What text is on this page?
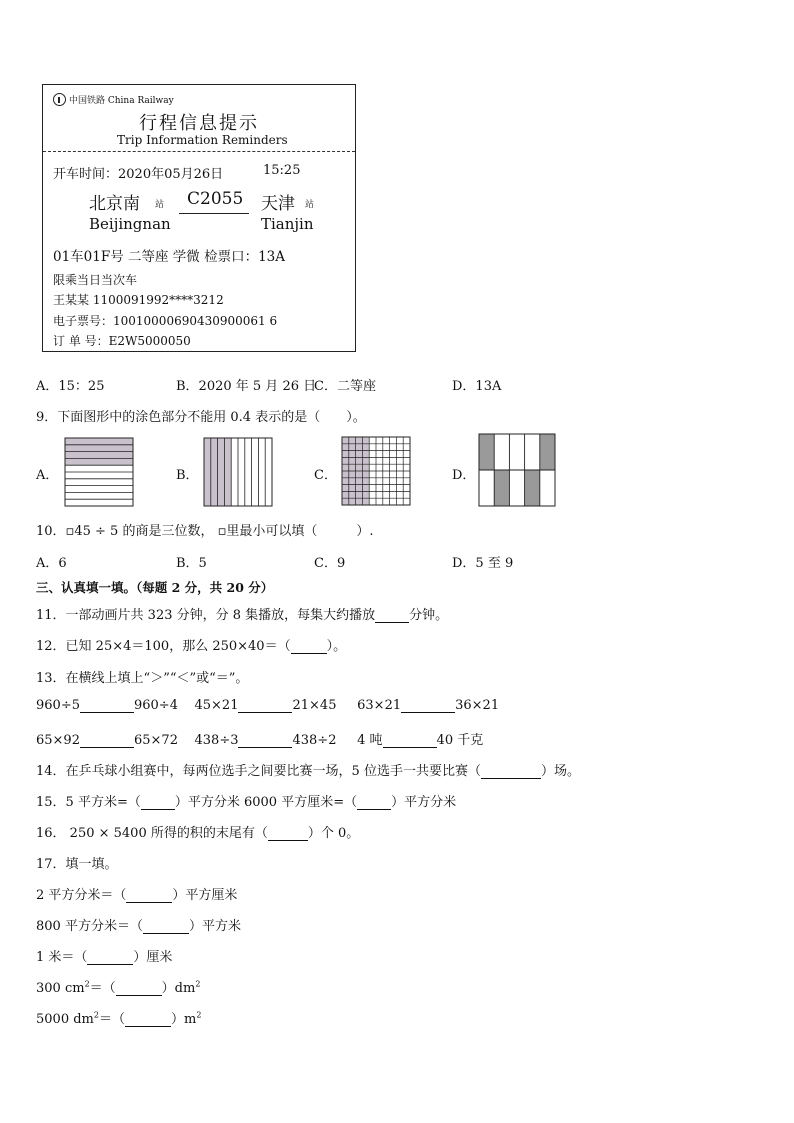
中国铁路 China Railway
行程信息提示
Trip Information Reminders
开车时间：2020年05月26日	15:25
北京南 站
Beijingnan
C2055 天津 站
Tianjin
01车01F号 二等座 学微 检票口：13A
限乘当日当次车
王某某 1100091992****3212
电子票号：10010000690430900061 6
订 单 号：E2W5000050
A．15：25	B．2020 年 5 月 26 日
C．二等座	D．13A
9．下面图形中的涂色部分不能用 0.4 表示的是（　　）。
A．	B．	C．	D．
10．▫45 ÷ 5 的商是三位数， ▫里最小可以填（　　　）.
A．6	B．5	C．9	D．5 至 9
三、认真填一填。（每题 2 分，共 20 分）
11．一部动画片共 323 分钟，分 8 集播放，每集大约播放	分钟。
12．已知 25×4＝100，那么 250×40＝（	）。
13．在横线上填上“＞”“＜”或“＝”。
960÷5	960÷4 45×21	21×45 63×21	36×21
65×92	65×72 438÷3	438÷2 4 吨	40 千克
14．在乒乓球小组赛中，每两位选手之间要比赛一场，5 位选手一共要比赛（	）场。
15．5 平方米=（	）平方分米 6000 平方厘米=（	）平方分米
16． 250 × 5400 所得的积的末尾有（	）个 0。
17．填一填。
2 平方分米＝（	）平方厘米
800 平方分米＝（	）平方米
1 米＝（	）厘米
300 $cm^2=$（	）$dm^2$
5000 $dm^2=$（	）$m^2$
